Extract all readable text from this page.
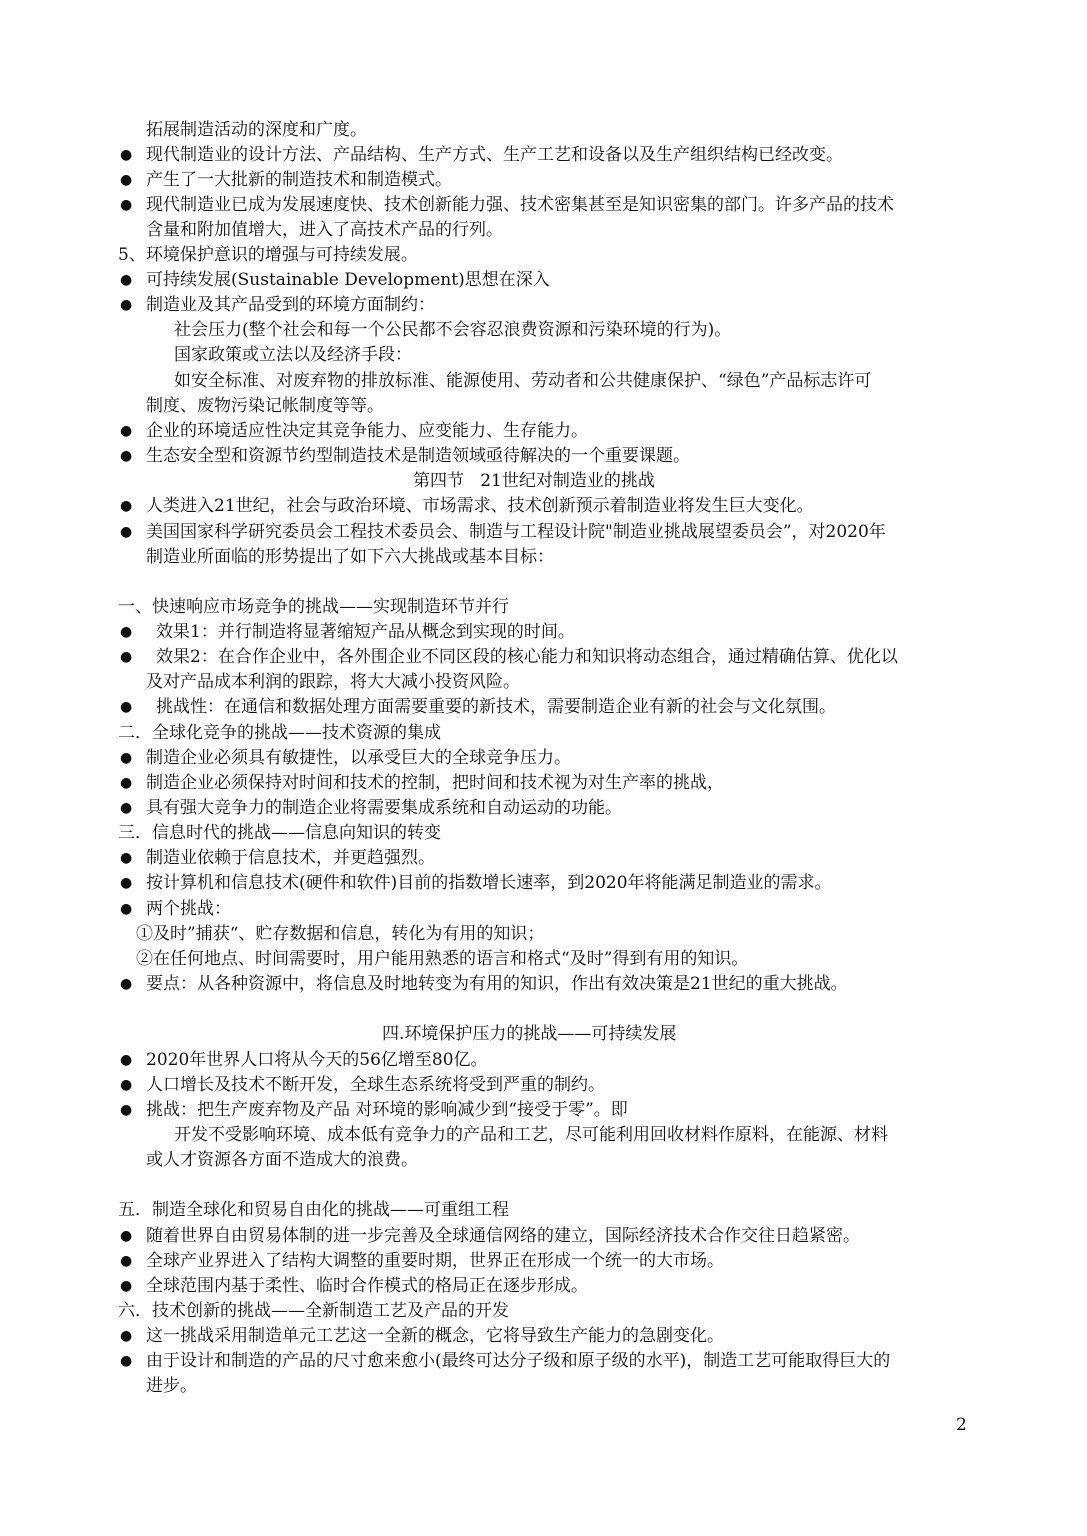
拓展制造活动的深度和广度。
● 现代制造业的设计方法、产品结构、生产方式、生产工艺和设备以及生产组织结构已经改变。
● 产生了一大批新的制造技术和制造模式。
● 现代制造业已成为发展速度快、技术创新能力强、技术密集甚至是知识密集的部门。许多产品的技术
含量和附加值增大，进入了高技术产品的行列。
5、环境保护意识的增强与可持续发展。
● 可持续发展(Sustainable Development)思想在深入
● 制造业及其产品受到的环境方面制约：
社会压力(整个社会和每一个公民都不会容忍浪费资源和污染环境的行为)。
国家政策或立法以及经济手段：
如安全标准、对废弃物的排放标准、能源使用、劳动者和公共健康保护、“绿色”产品标志许可
制度、废物污染记帐制度等等。
● 企业的环境适应性决定其竞争能力、应变能力、生存能力。
● 生态安全型和资源节约型制造技术是制造领域亟待解决的一个重要课题。
第四节   21世纪对制造业的挑战
● 人类进入21世纪，社会与政治环境、市场需求、技术创新预示着制造业将发生巨大变化。
● 美国国家科学研究委员会工程技术委员会、制造与工程设计院"制造业挑战展望委员会”，对2020年
制造业所面临的形势提出了如下六大挑战或基本目标：
一、快速响应市场竞争的挑战——实现制造环节并行
● 效果1：并行制造将显著缩短产品从概念到实现的时间。
● 效果2：在合作企业中，各外围企业不同区段的核心能力和知识将动态组合，通过精确估算、优化以
及对产品成本利润的跟踪，将大大减小投资风险。
● 挑战性：在通信和数据处理方面需要重要的新技术，需要制造企业有新的社会与文化氛围。
二．全球化竞争的挑战——技术资源的集成
● 制造企业必须具有敏捷性，以承受巨大的全球竞争压力。
● 制造企业必须保持对时间和技术的控制，把时间和技术视为对生产率的挑战，
● 具有强大竞争力的制造企业将需要集成系统和自动运动的功能。
三．信息时代的挑战——信息向知识的转变
● 制造业依赖于信息技术，并更趋强烈。
● 按计算机和信息技术(硬件和软件)目前的指数增长速率，到2020年将能满足制造业的需求。
● 两个挑战：
①及时”捕获“、贮存数据和信息，转化为有用的知识；
②在任何地点、时间需要时，用户能用熟悉的语言和格式“及时”得到有用的知识。
● 要点：从各种资源中，将信息及时地转变为有用的知识，作出有效决策是21世纪的重大挑战。
四.环境保护压力的挑战——可持续发展
● 2020年世界人口将从今天的56亿增至80亿。
● 人口增长及技术不断开发，全球生态系统将受到严重的制约。
● 挑战：把生产废弃物及产品 对环境的影响减少到“接受于零”。即
开发不受影响环境、成本低有竞争力的产品和工艺，尽可能利用回收材料作原料，在能源、材料
或人才资源各方面不造成大的浪费。
五．制造全球化和贸易自由化的挑战——可重组工程
● 随着世界自由贸易体制的进一步完善及全球通信网络的建立，国际经济技术合作交往日趋紧密。
● 全球产业界进入了结构大调整的重要时期，世界正在形成一个统一的大市场。
● 全球范围内基于柔性、临时合作模式的格局正在逐步形成。
六．技术创新的挑战——全新制造工艺及产品的开发
● 这一挑战采用制造单元工艺这一全新的概念，它将导致生产能力的急剧变化。
● 由于设计和制造的产品的尺寸愈来愈小(最终可达分子级和原子级的水平)，制造工艺可能取得巨大的
进步。
2
